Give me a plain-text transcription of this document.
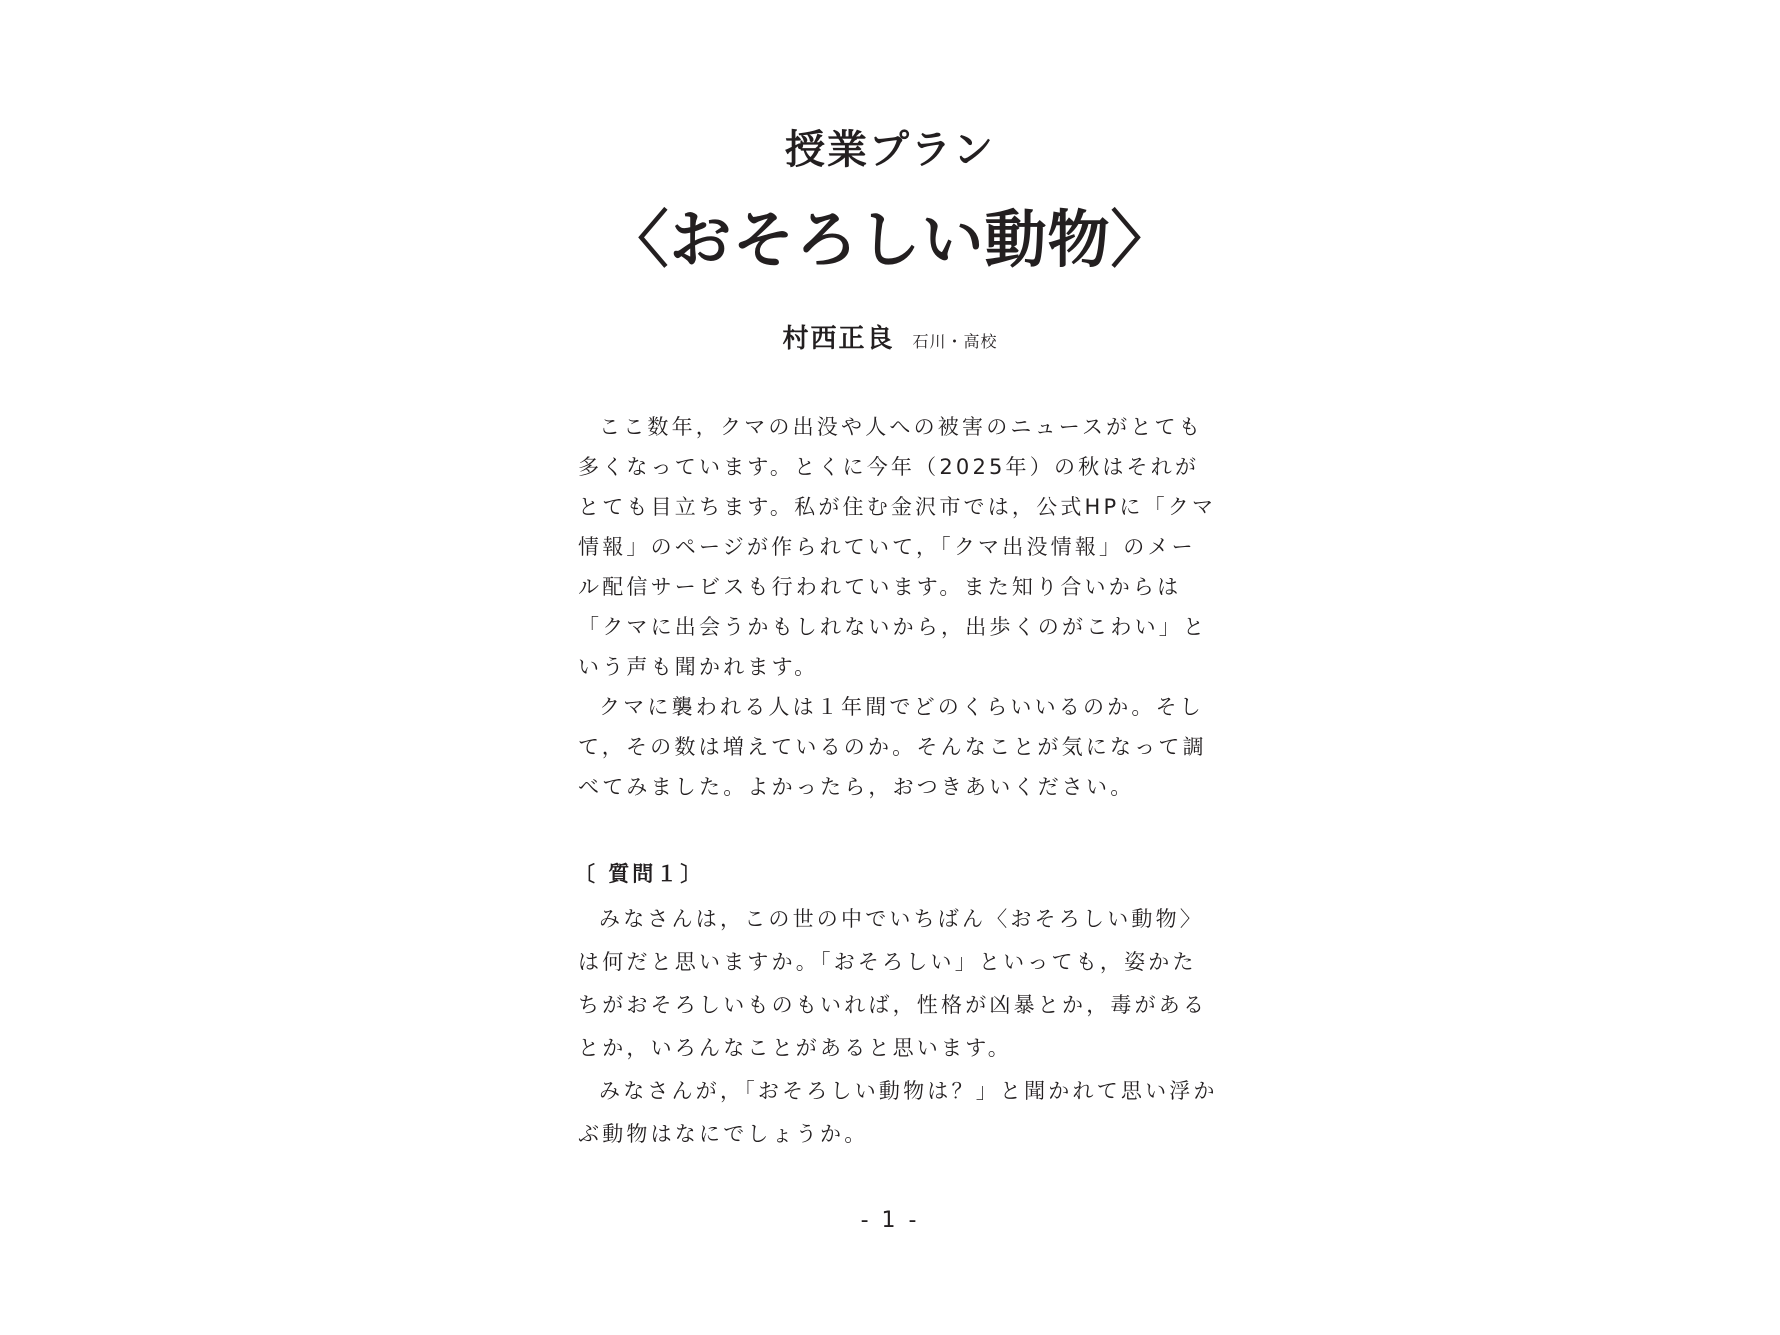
授業プラン
〈おそろしい動物〉
村西正良 石川・高校

ここ数年，クマの出没や人への被害のニュースがとても多くなっています。とくに今年（2025年）の秋はそれがとても目立ちます。私が住む金沢市では，公式HPに「クマ情報」のページが作られていて，「クマ出没情報」のメール配信サービスも行われています。また知り合いからは「クマに出会うかもしれないから，出歩くのがこわい」という声も聞かれます。

クマに襲われる人は１年間でどのくらいいるのか。そして，その数は増えているのか。そんなことが気になって調べてみました。よかったら，おつきあいください。

〔 質問１〕

みなさんは，この世の中でいちばん〈おそろしい動物〉は何だと思いますか。「おそろしい」といっても，姿かたちがおそろしいものもいれば，性格が凶暴とか，毒があるとか，いろんなことがあると思います。

みなさんが，「おそろしい動物は？」と聞かれて思い浮かぶ動物はなにでしょうか。

- 1 -
